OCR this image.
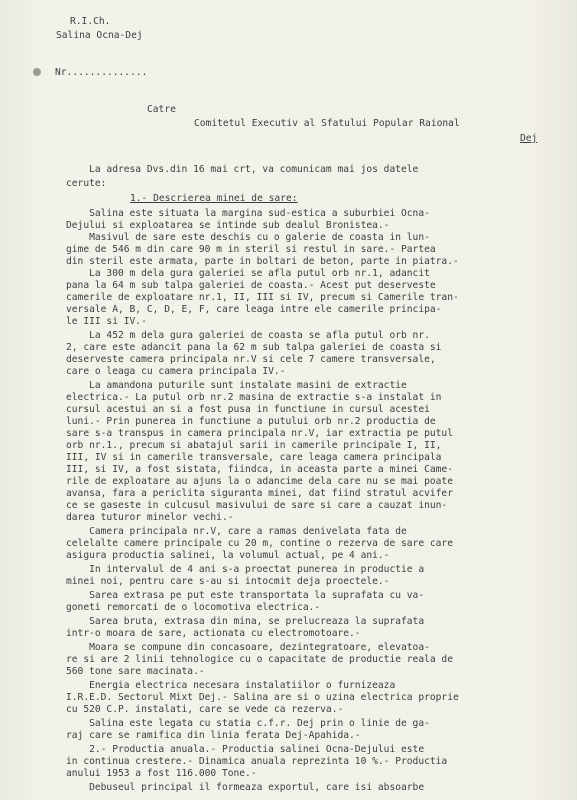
R.I.Ch.
Salina Ocna-Dej
Nr..............
Catre
Comitetul Executiv al Sfatului Popular Raional
Dej
La adresa Dvs.din 16 mai crt, va comunicam mai jos datele
cerute:
1.- Descrierea minei de sare:
Salina este situata la margina sud-estica a suburbiei Ocna-
Dejului si exploatarea se intinde sub dealul Bronistea.-
Masivul de sare este deschis cu o galerie de coasta in lun-
gime de 546 m din care 90 m in steril si restul in sare.- Partea
din steril este armata, parte in boltari de beton, parte in piatra.-
La 300 m dela gura galeriei se afla putul orb nr.1, adancit
pana la 64 m sub talpa galeriei de coasta.- Acest put deserveste
camerile de exploatare nr.1, II, III si IV, precum si Camerile tran-
versale A, B, C, D, E, F, care leaga intre ele camerile principa-
le III si IV.-
La 452 m dela gura galeriei de coasta se afla putul orb nr.
2, care este adancit pana la 62 m sub talpa galeriei de coasta si
deserveste camera principala nr.V si cele 7 camere transversale,
care o leaga cu camera principala IV.-
La amandona puturile sunt instalate masini de extractie
electrica.- La putul orb nr.2 masina de extractie s-a instalat in
cursul acestui an si a fost pusa in functiune in cursul acestei
luni.- Prin punerea in functiune a putului orb nr.2 productia de
sare s-a transpus in camera principala nr.V, iar extractia pe putul
orb nr.1., precum si abatajul sarii in camerile principale I, II,
III, IV si in camerile transversale, care leaga camera principala
III, si IV, a fost sistata, fiindca, in aceasta parte a minei Came-
rile de exploatare au ajuns la o adancime dela care nu se mai poate
avansa, fara a periclita siguranta minei, dat fiind stratul acvifer
ce se gaseste in culcusul masivului de sare si care a cauzat inun-
darea tuturor minelor vechi.-
Camera principala nr.V, care a ramas denivelata fata de
celelalte camere principale cu 20 m, contine o rezerva de sare care
asigura productia salinei, la volumul actual, pe 4 ani.-
In intervalul de 4 ani s-a proectat punerea in productie a
minei noi, pentru care s-au si intocmit deja proectele.-
Sarea extrasa pe put este transportata la suprafata cu va-
goneti remorcati de o locomotiva electrica.-
Sarea bruta, extrasa din mina, se prelucreaza la suprafata
intr-o moara de sare, actionata cu electromotoare.-
Moara se compune din concasoare, dezintegratoare, elevatoa-
re si are 2 linii tehnologice cu o capacitate de productie reala de
560 tone sare macinata.-
Energia electrica necesara instalatiilor o furnizeaza
I.R.E.D. Sectorul Mixt Dej.- Salina are si o uzina electrica proprie
cu 520 C.P. instalati, care se vede ca rezerva.-
Salina este legata cu statia c.f.r. Dej prin o linie de ga-
raj care se ramifica din linia ferata Dej-Apahida.-
2.- Productia anuala.- Productia salinei Ocna-Dejului este
in continua crestere.- Dinamica anuala reprezinta 10 %.- Productia
anului 1953 a fost 116.000 Tone.-
Debuseul principal il formeaza exportul, care isi absoarbe
